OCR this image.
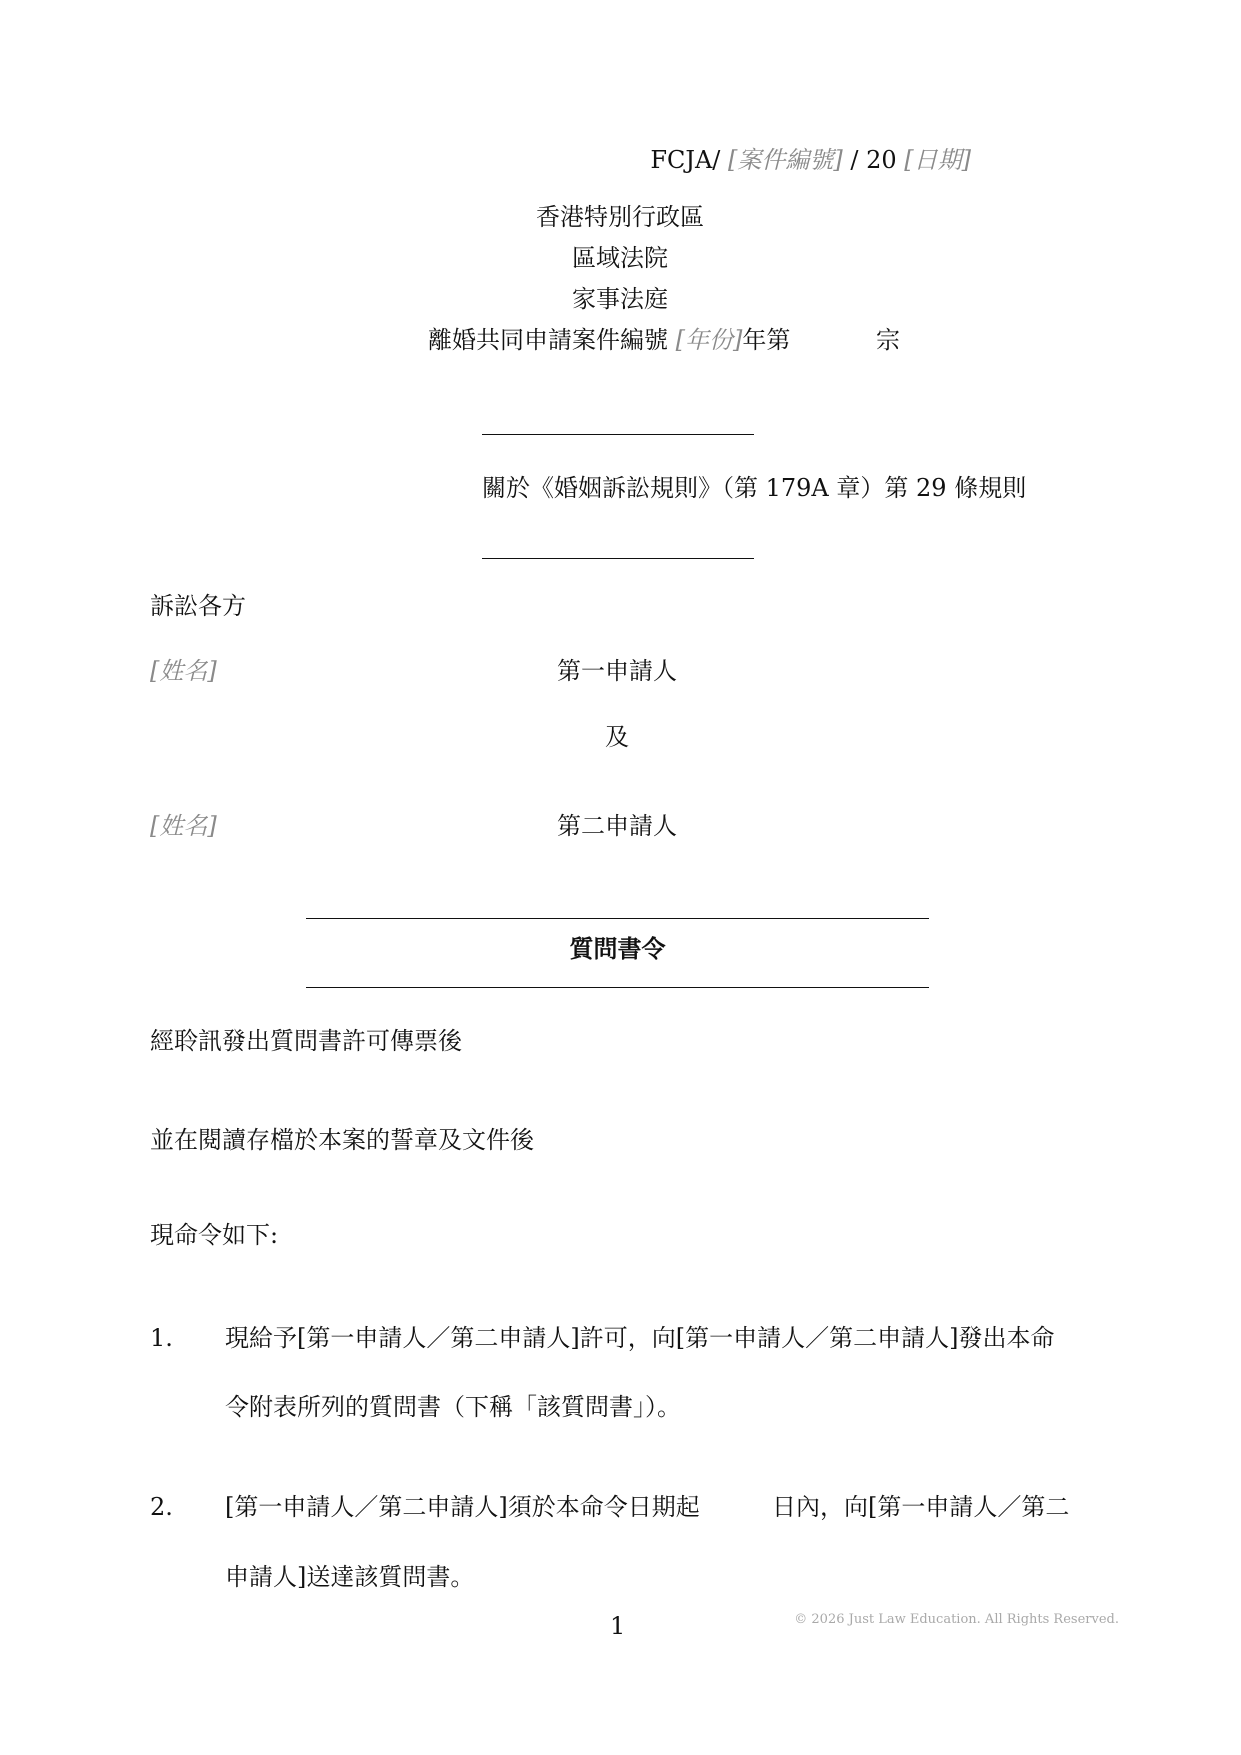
FCJA/ [案件編號] / 20 [日期]
香港特別行政區
區域法院
家事法庭
離婚共同申請案件編號 [年份]年第	宗
關於《婚姻訴訟規則》（第 179A 章）第 29 條規則
訴訟各方
[姓名]	第一申請人
及
[姓名]	第二申請人
質問書令
經聆訊發出質問書許可傳票後
並在閱讀存檔於本案的誓章及文件後
現命令如下:
1. 現給予[第一申請人／第二申請人]許可，向[第一申請人／第二申請人]發出本命
令附表所列的質問書（下稱「該質問書」）。
2. [第一申請人／第二申請人]須於本命令日期起	日內，向[第一申請人／第二
申請人]送達該質問書。
1	© 2026 Just Law Education. All Rights Reserved.
